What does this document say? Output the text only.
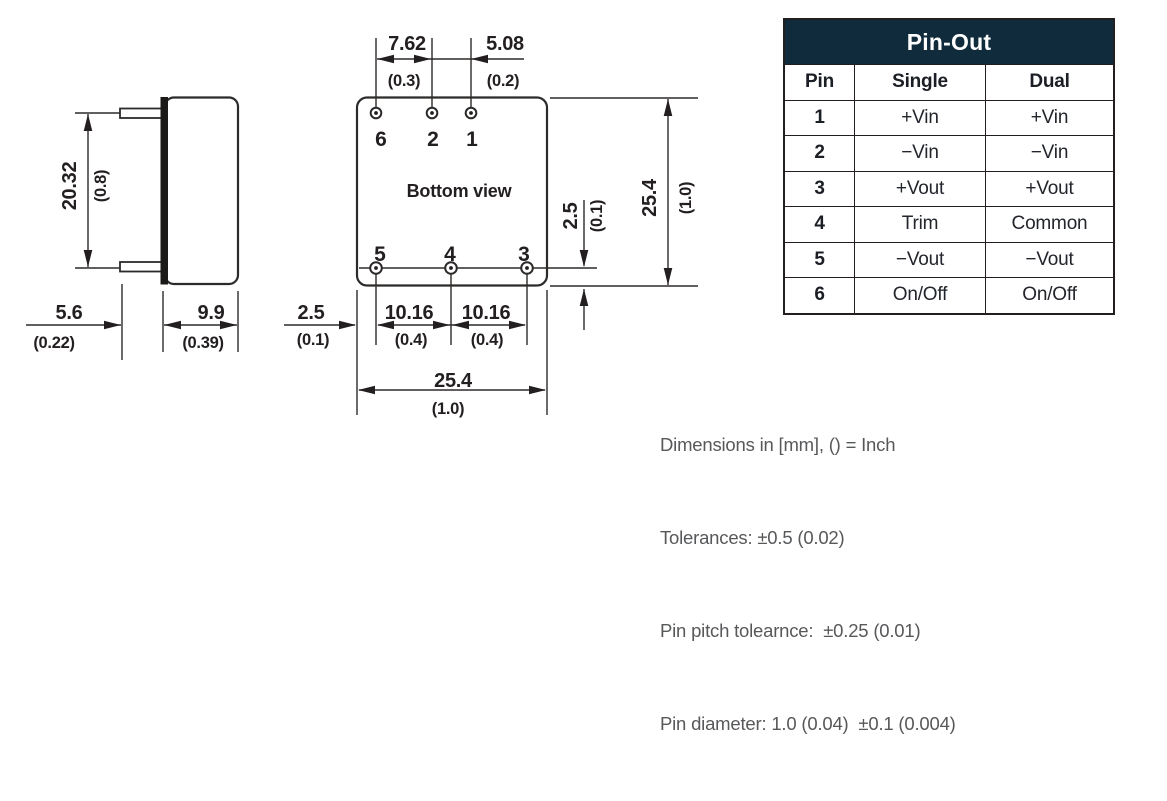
20.32 (0.8)
5.6
(0.22)
9.9
(0.39)
7.62
(0.3)
5.08
(0.2)
2.5 (0.1) 25.4 (1.0)
2.5
(0.1)
10.16
(0.4)
10.16
(0.4)
25.4
(1.0)
6 2 1
5	4	3
Bottom view
Pin-Out
Pin	Single	Dual
1	+Vin	+Vin
2	−Vin	−Vin
3	+Vout	+Vout
4	Trim	Common
5	−Vout	−Vout
6	On/Off	On/Off

Dimensions in [mm], () = Inch

Tolerances: ±0.5 (0.02)

Pin pitch tolearnce:  ±0.25 (0.01)

Pin diameter: 1.0 (0.04)  ±0.1 (0.004)
